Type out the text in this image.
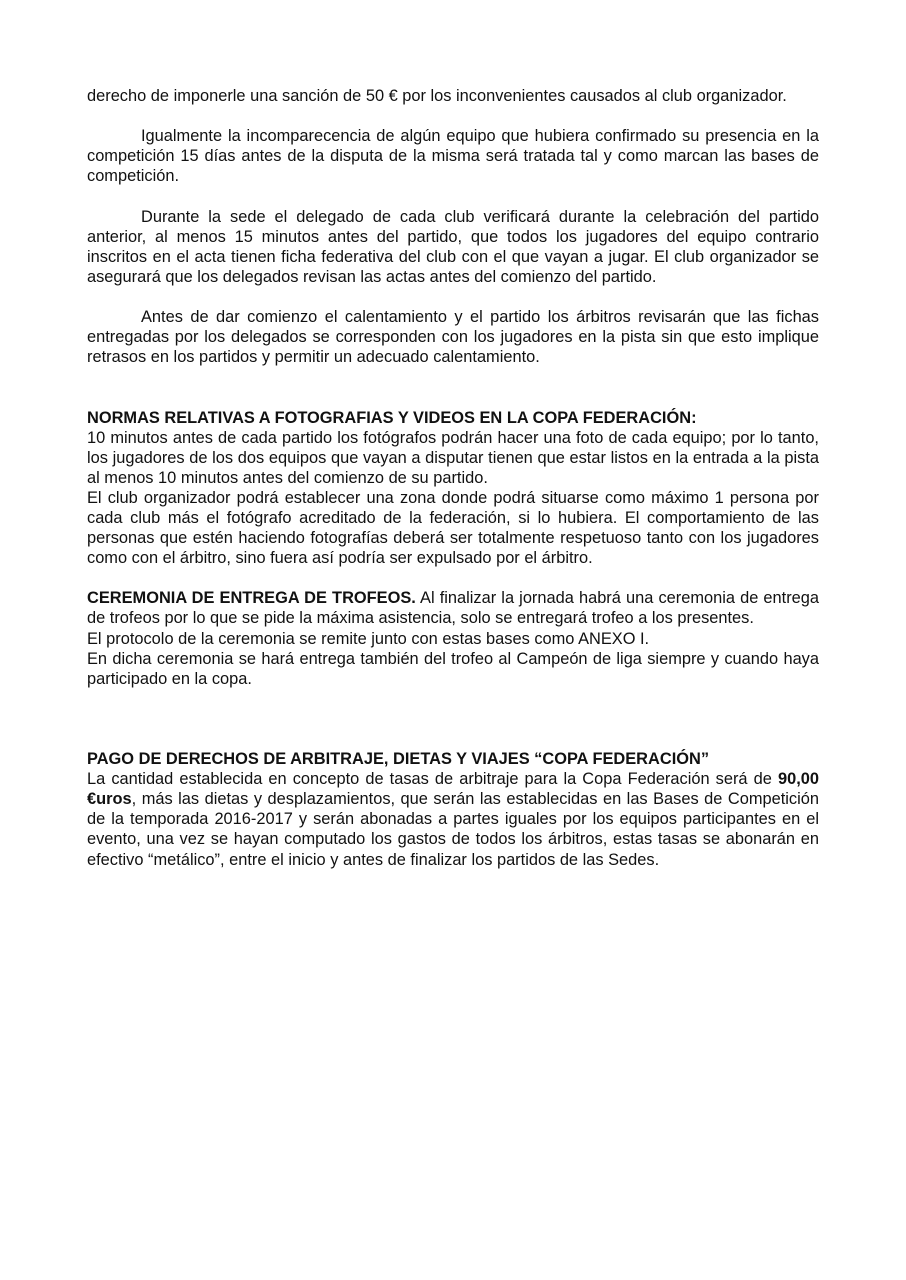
derecho de imponerle una sanción de 50 € por los inconvenientes causados al club organizador.

Igualmente la incomparecencia de algún equipo que hubiera confirmado su presencia en la competición 15 días antes de la disputa de la misma será tratada tal y como marcan las bases de competición.

Durante la sede el delegado de cada club verificará durante la celebración del partido anterior, al menos 15 minutos antes del partido, que todos los jugadores del equipo contrario inscritos en el acta tienen ficha federativa del club con el que vayan a jugar. El club organizador se asegurará que los delegados revisan las actas antes del comienzo del partido.

Antes de dar comienzo el calentamiento y el partido los árbitros revisarán que las fichas entregadas por los delegados se corresponden con los jugadores en la pista sin que esto implique retrasos en los partidos y permitir un adecuado calentamiento.

NORMAS RELATIVAS A FOTOGRAFIAS Y VIDEOS EN LA COPA FEDERACIÓN:

10 minutos antes de cada partido los fotógrafos podrán hacer una foto de cada equipo; por lo tanto, los jugadores de los dos equipos que vayan a disputar tienen que estar listos en la entrada a la pista al menos 10 minutos antes del comienzo de su partido.

El club organizador podrá establecer una zona donde podrá situarse como máximo 1 persona por cada club más el fotógrafo acreditado de la federación, si lo hubiera. El comportamiento de las personas que estén haciendo fotografías deberá ser totalmente respetuoso tanto con los jugadores como con el árbitro, sino fuera así podría ser expulsado por el árbitro.

CEREMONIA DE ENTREGA DE TROFEOS. Al finalizar la jornada habrá una ceremonia de entrega de trofeos por lo que se pide la máxima asistencia, solo se entregará trofeo a los presentes.

El protocolo de la ceremonia se remite junto con estas bases como ANEXO I.

En dicha ceremonia se hará entrega también del trofeo al Campeón de liga siempre y cuando haya participado en la copa.

PAGO DE DERECHOS DE ARBITRAJE, DIETAS Y VIAJES “COPA FEDERACIÓN”

La cantidad establecida en concepto de tasas de arbitraje para la Copa Federación será de 90,00 €uros, más las dietas y desplazamientos, que serán las establecidas en las Bases de Competición de la temporada 2016-2017 y serán abonadas a partes iguales por los equipos participantes en el evento, una vez se hayan computado los gastos de todos los árbitros, estas tasas se abonarán en efectivo “metálico”, entre el inicio y antes de finalizar los partidos de las Sedes.
